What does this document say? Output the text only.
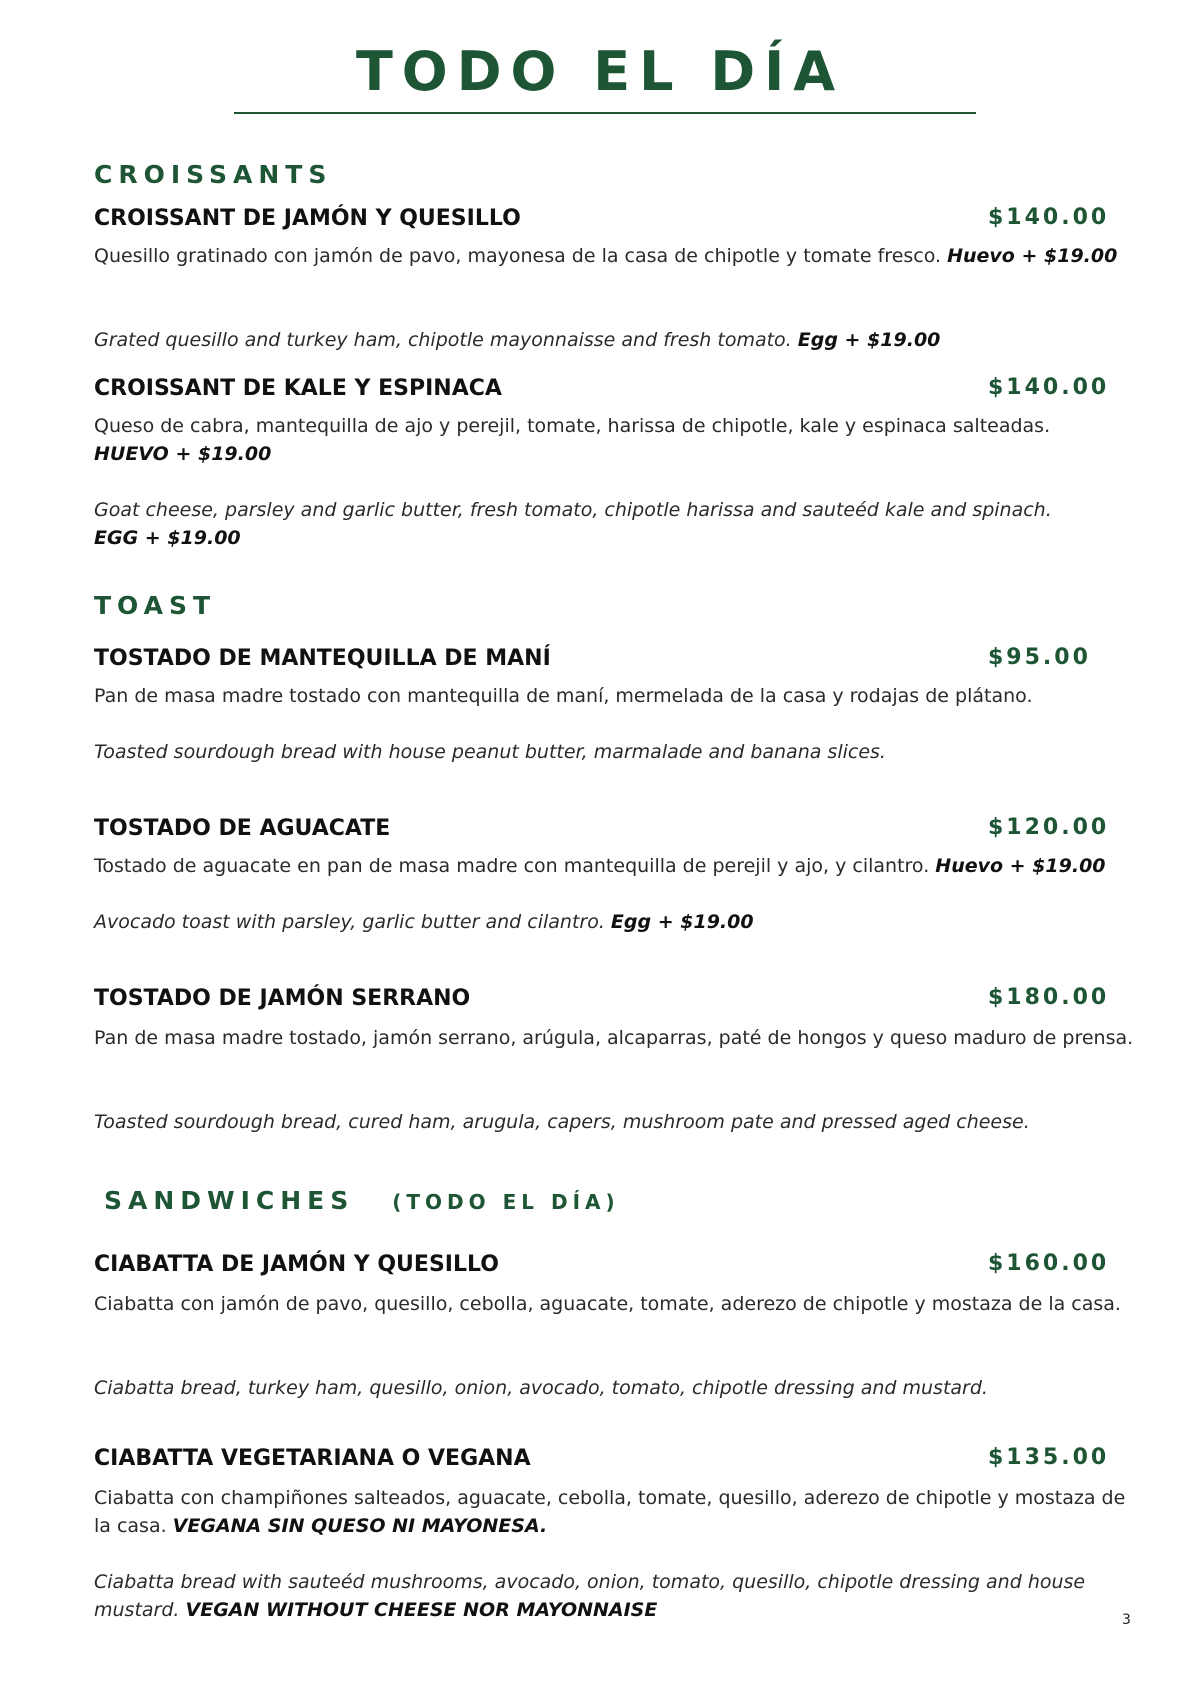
TODO EL DÍA
CROISSANTS
CROISSANT DE JAMÓN Y QUESILLO	$140.00
Quesillo gratinado con jamón de pavo, mayonesa de la casa de chipotle y tomate fresco. Huevo + $19.00
Grated quesillo and turkey ham, chipotle mayonnaisse and fresh tomato. Egg + $19.00
CROISSANT DE KALE Y ESPINACA	$140.00
Queso de cabra, mantequilla de ajo y perejil, tomate, harissa de chipotle, kale y espinaca salteadas.
HUEVO + $19.00
Goat cheese, parsley and garlic butter, fresh tomato, chipotle harissa and sauteéd kale and spinach.
EGG + $19.00
TOAST
TOSTADO DE MANTEQUILLA DE MANÍ	$95.00
Pan de masa madre tostado con mantequilla de maní, mermelada de la casa y rodajas de plátano.
Toasted sourdough bread with house peanut butter, marmalade and banana slices.
TOSTADO DE AGUACATE	$120.00
Tostado de aguacate en pan de masa madre con mantequilla de perejil y ajo, y cilantro. Huevo + $19.00
Avocado toast with parsley, garlic butter and cilantro. Egg + $19.00
TOSTADO DE JAMÓN SERRANO	$180.00
Pan de masa madre tostado, jamón serrano, arúgula, alcaparras, paté de hongos y queso maduro de prensa.
Toasted sourdough bread, cured ham, arugula, capers, mushroom pate and pressed aged cheese.
SANDWICHES (TODO EL DÍA)
CIABATTA DE JAMÓN Y QUESILLO	$160.00
Ciabatta con jamón de pavo, quesillo, cebolla, aguacate, tomate, aderezo de chipotle y mostaza de la casa.
Ciabatta bread, turkey ham, quesillo, onion, avocado, tomato, chipotle dressing and mustard.
CIABATTA VEGETARIANA O VEGANA	$135.00
Ciabatta con champiñones salteados, aguacate, cebolla, tomate, quesillo, aderezo de chipotle y mostaza de la casa. VEGANA SIN QUESO NI MAYONESA.
Ciabatta bread with sauteéd mushrooms, avocado, onion, tomato, quesillo, chipotle dressing and house mustard. VEGAN WITHOUT CHEESE NOR MAYONNAISE	3
